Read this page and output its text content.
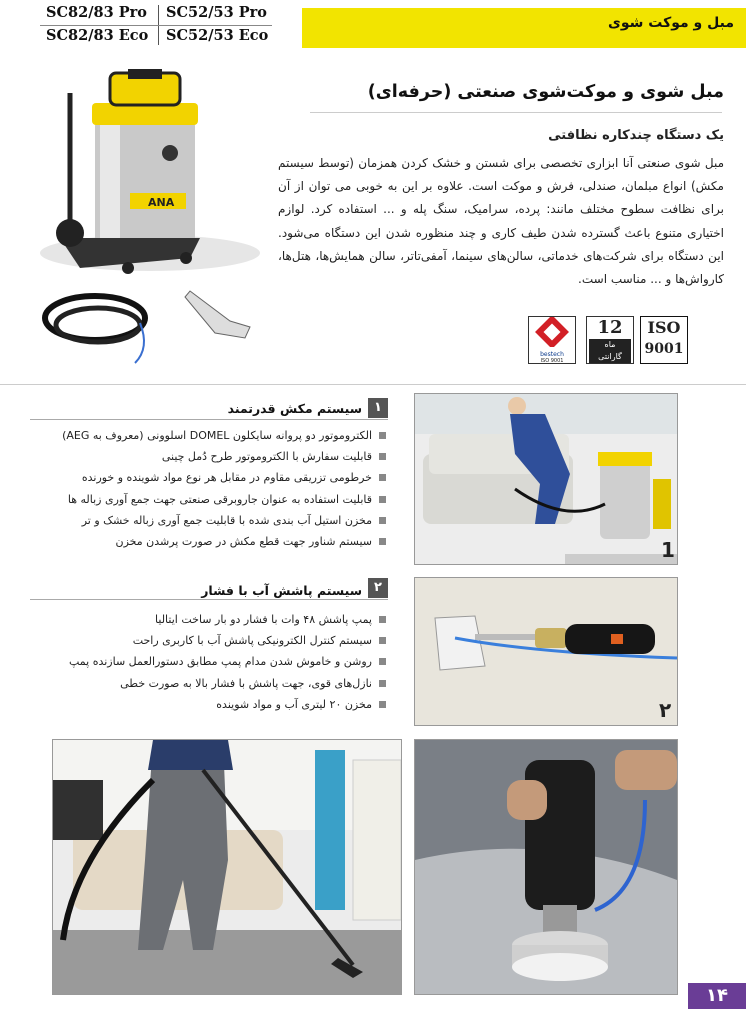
SC82/83 Pro SC52/53 Pro
SC82/83 Eco SC52/53 Eco
مبل و موکت شوی
ANA
مبل شوی و موکت‌شوی صنعتی (حرفه‌ای)
یک دستگاه چندکاره نظافتی
مبل شوی صنعتی آنا ابزاری تخصصی برای شستن و خشک کردن همزمان (توسط سیستم مکش) انواع مبلمان، صندلی، فرش و موکت است. علاوه بر این به خوبی می توان از آن برای نظافت سطوح مختلف مانند: پرده، سرامیک، سنگ پله و ... استفاده کرد. لوازم اختیاری متنوع باعث گسترده شدن طیف کاری و چند منظوره شدن این دستگاه می‌شود. این دستگاه برای شرکت‌های خدماتی، سالن‌های سینما، آمفی‌تاتر، سالن همایش‌ها، هتل‌ها، کارواش‌ها و ... مناسب است.
bestech
ISO 9001
12
ماه
گارانتی
ISO
9001
۱
سیستم مکش قدرتمند
الکتروموتور دو پروانه سایکلون DOMEL اسلوونی (معروف به AEG)
قابلیت سفارش با الکتروموتور طرح دُمل چینی
خرطومی تزریقی مقاوم در مقابل هر نوع مواد شوینده و خورنده
قابلیت استفاده به عنوان جاروبرقی صنعتی جهت جمع آوری زباله ها
مخزن استیل آب بندی شده با قابلیت جمع آوری زباله خشک و تر
سیستم شناور جهت قطع مکش در صورت پرشدن مخزن	1
۲
سیستم پاشش آب با فشار
پمپ پاشش ۴۸ وات با فشار دو بار ساخت ایتالیا
سیستم کنترل الکترونیکی پاشش آب با کاربری راحت
روشن و خاموش شدن مدام پمپ مطابق دستورالعمل سازنده پمپ
نازل‌های قوی، جهت پاشش با فشار بالا به صورت خطی
مخزن ۲۰ لیتری آب و مواد شوینده	۲
۱۴
